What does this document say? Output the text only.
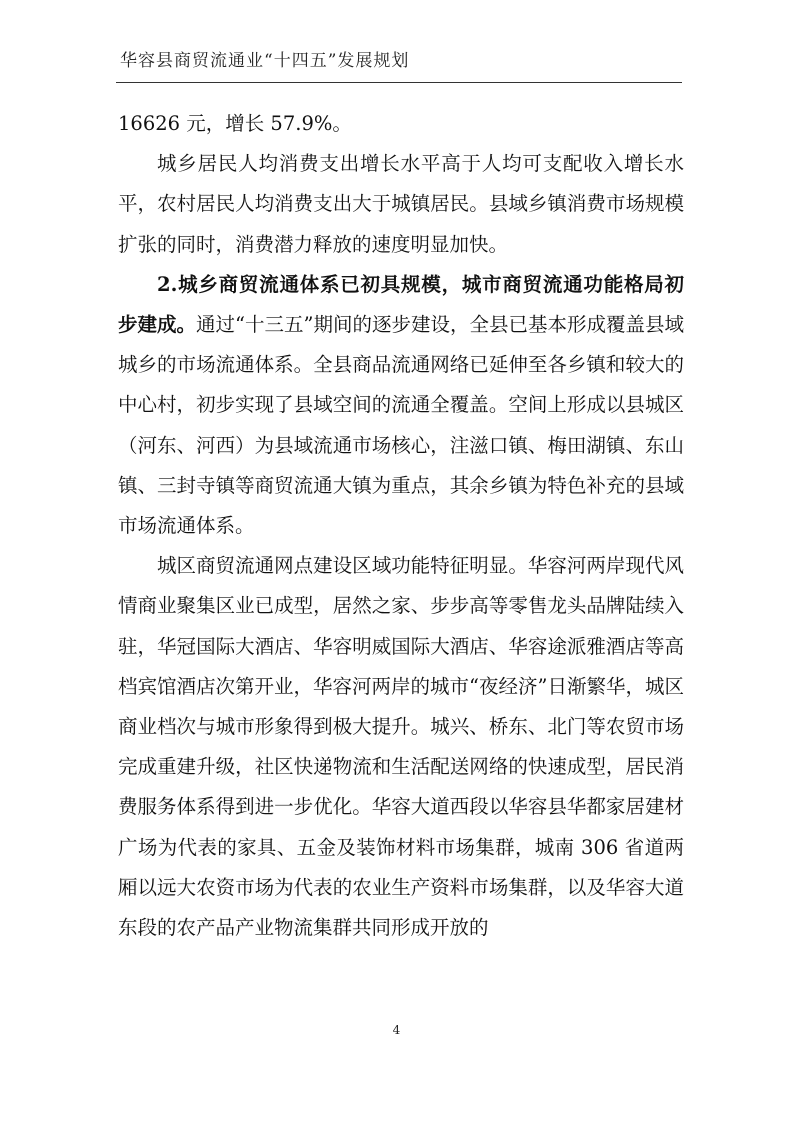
华容县商贸流通业“十四五”发展规划

16626 元，增长 57.9%。

城乡居民人均消费支出增长水平高于人均可支配收入增长水平，农村居民人均消费支出大于城镇居民。县域乡镇消费市场规模扩张的同时，消费潜力释放的速度明显加快。

2.城乡商贸流通体系已初具规模，城市商贸流通功能格局初步建成。通过“十三五”期间的逐步建设，全县已基本形成覆盖县域城乡的市场流通体系。全县商品流通网络已延伸至各乡镇和较大的中心村，初步实现了县域空间的流通全覆盖。空间上形成以县城区（河东、河西）为县域流通市场核心，注滋口镇、梅田湖镇、东山镇、三封寺镇等商贸流通大镇为重点，其余乡镇为特色补充的县域市场流通体系。

城区商贸流通网点建设区域功能特征明显。华容河两岸现代风情商业聚集区业已成型，居然之家、步步高等零售龙头品牌陆续入驻，华冠国际大酒店、华容明威国际大酒店、华容途派雅酒店等高档宾馆酒店次第开业，华容河两岸的城市“夜经济”日渐繁华，城区商业档次与城市形象得到极大提升。城兴、桥东、北门等农贸市场完成重建升级，社区快递物流和生活配送网络的快速成型，居民消费服务体系得到进一步优化。华容大道西段以华容县华都家居建材广场为代表的家具、五金及装饰材料市场集群，城南 306 省道两厢以远大农资市场为代表的农业生产资料市场集群，以及华容大道东段的农产品产业物流集群共同形成开放的

4
